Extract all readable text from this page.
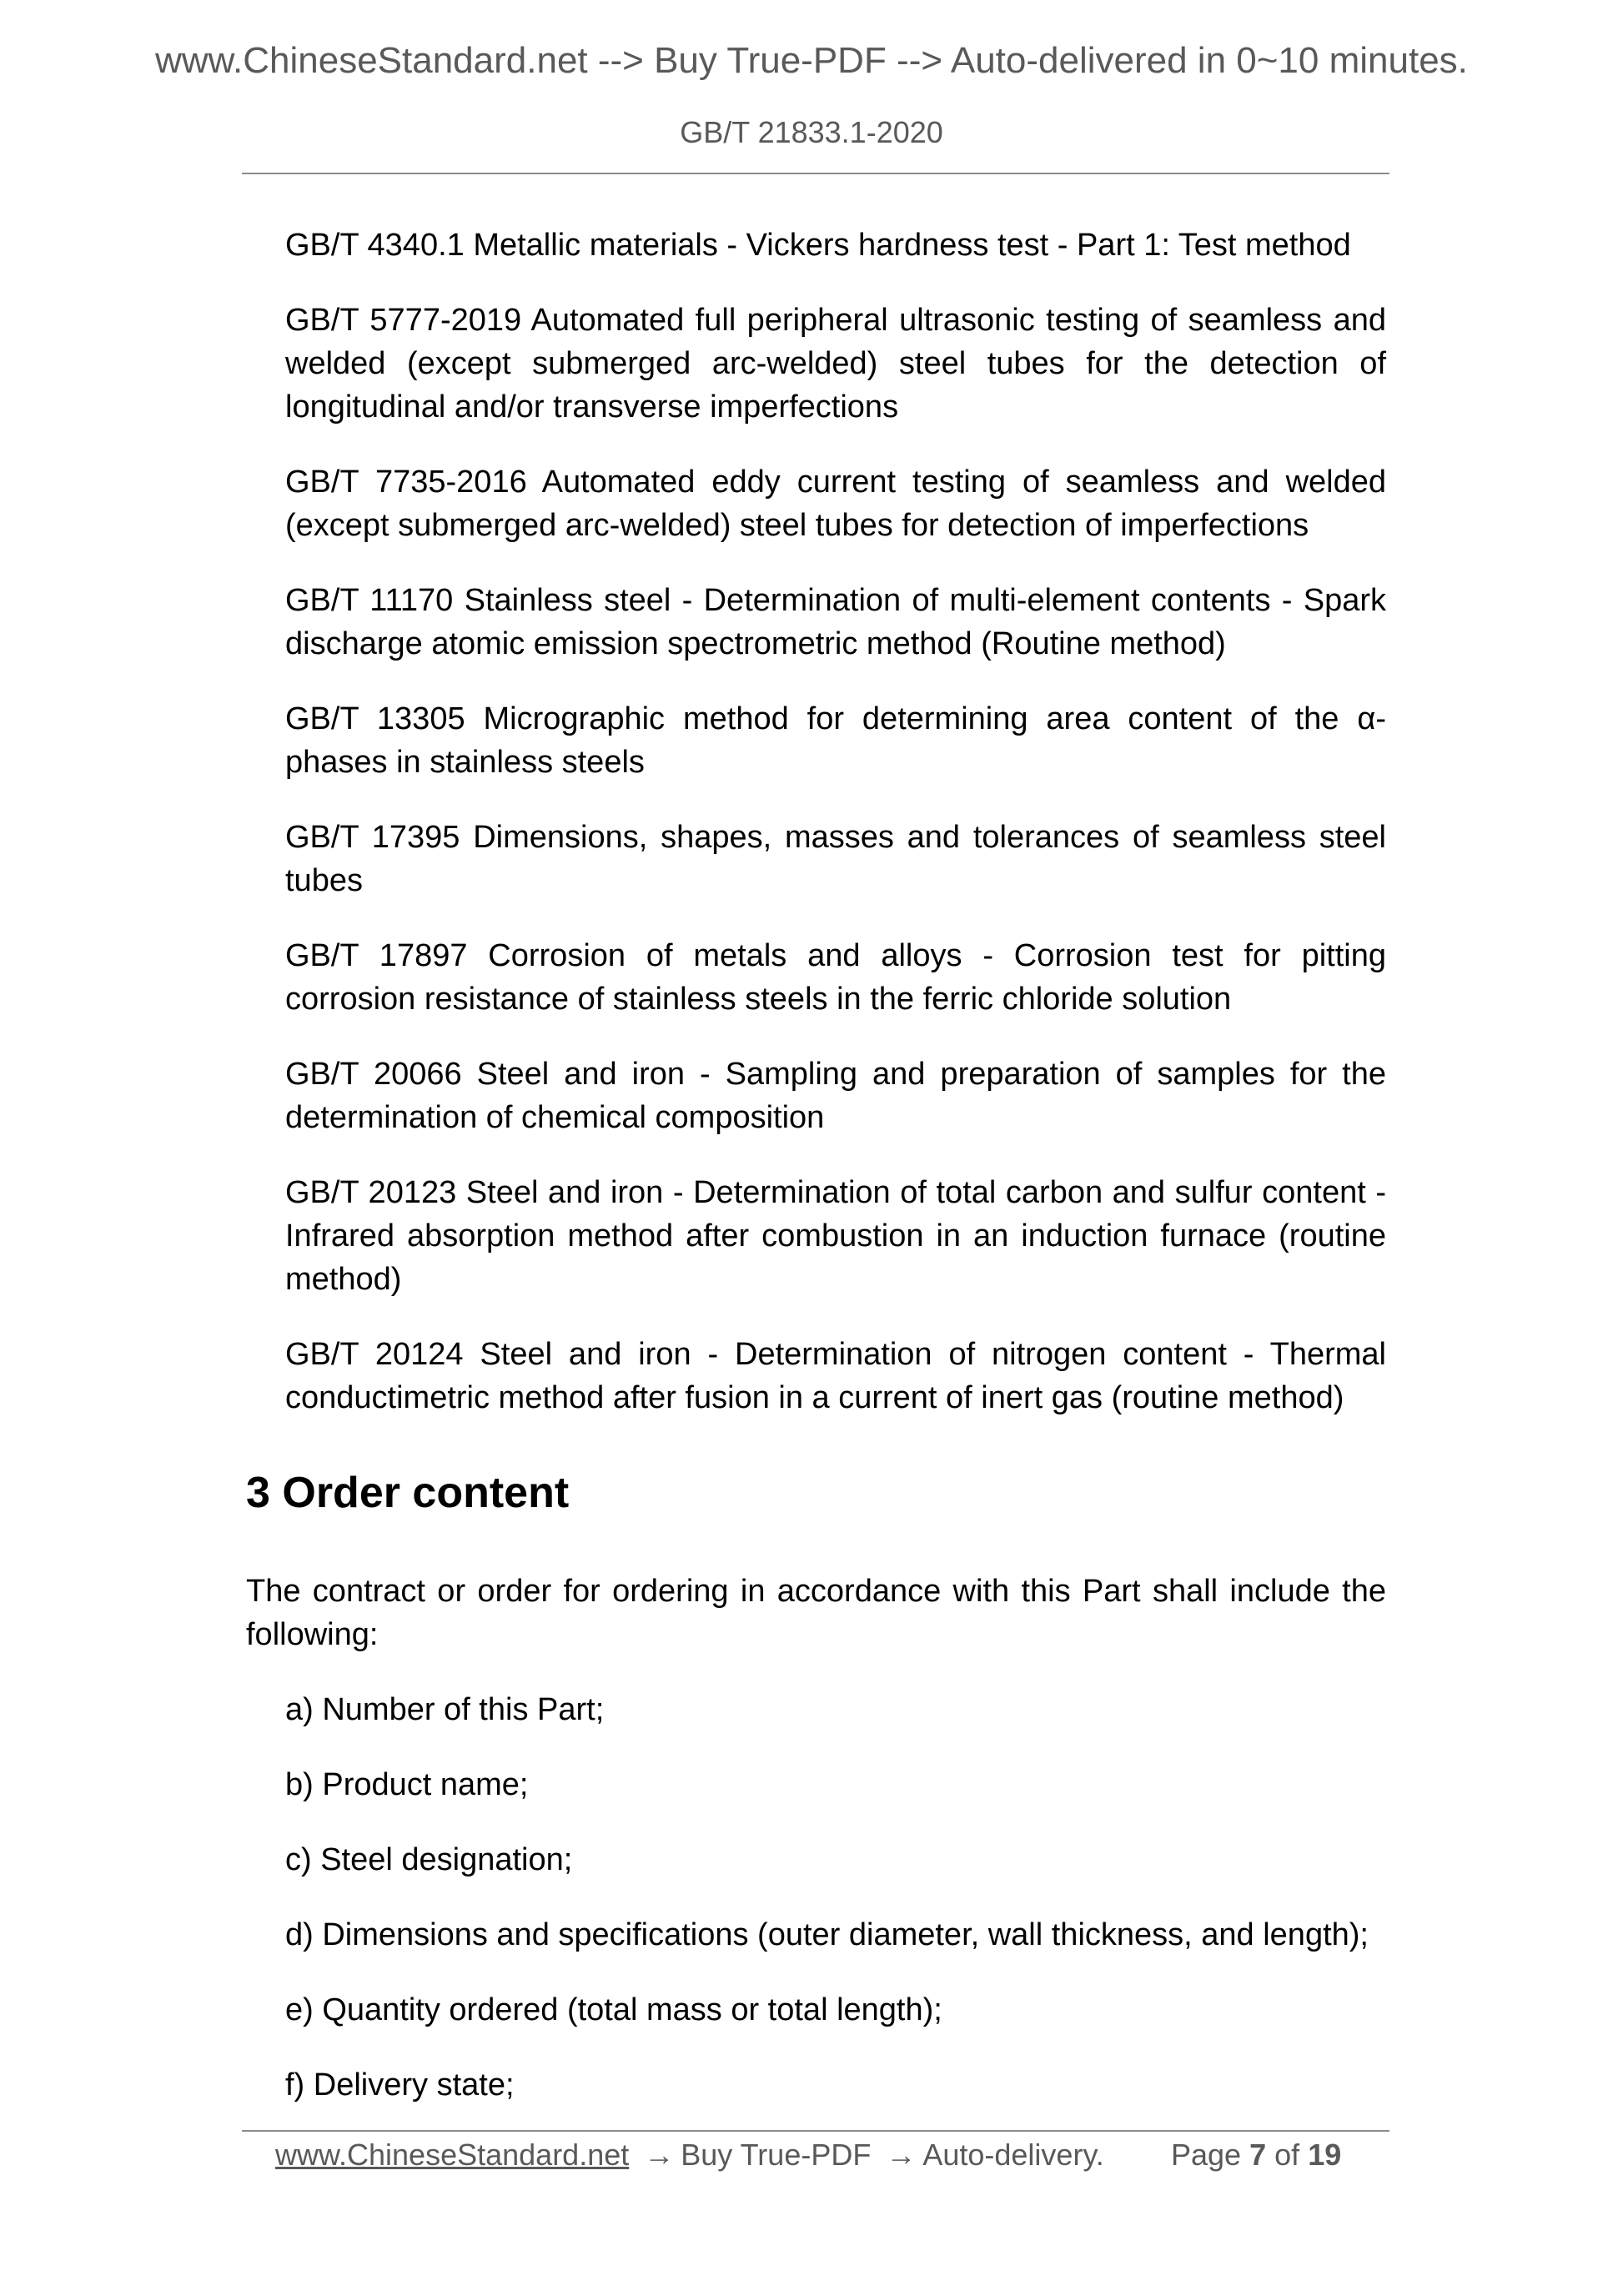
www.ChineseStandard.net --> Buy True-PDF --> Auto-delivered in 0~10 minutes.
GB/T 21833.1-2020
GB/T 4340.1 Metallic materials - Vickers hardness test - Part 1: Test method
GB/T 5777-2019 Automated full peripheral ultrasonic testing of seamless and welded (except submerged arc-welded) steel tubes for the detection of longitudinal and/or transverse imperfections
GB/T 7735-2016 Automated eddy current testing of seamless and welded (except submerged arc-welded) steel tubes for detection of imperfections
GB/T 11170 Stainless steel - Determination of multi-element contents - Spark discharge atomic emission spectrometric method (Routine method)
GB/T 13305 Micrographic method for determining area content of the α-phases in stainless steels
GB/T 17395 Dimensions, shapes, masses and tolerances of seamless steel tubes
GB/T 17897 Corrosion of metals and alloys - Corrosion test for pitting corrosion resistance of stainless steels in the ferric chloride solution
GB/T 20066 Steel and iron - Sampling and preparation of samples for the determination of chemical composition
GB/T 20123 Steel and iron - Determination of total carbon and sulfur content - Infrared absorption method after combustion in an induction furnace (routine method)
GB/T 20124 Steel and iron - Determination of nitrogen content - Thermal conductimetric method after fusion in a current of inert gas (routine method)
3 Order content

The contract or order for ordering in accordance with this Part shall include the following:

a) Number of this Part;
b) Product name;
c) Steel designation;
d) Dimensions and specifications (outer diameter, wall thickness, and length);
e) Quantity ordered (total mass or total length);
f) Delivery state;
www.ChineseStandard.net → Buy True-PDF → Auto-delivery. Page 7 of 19
